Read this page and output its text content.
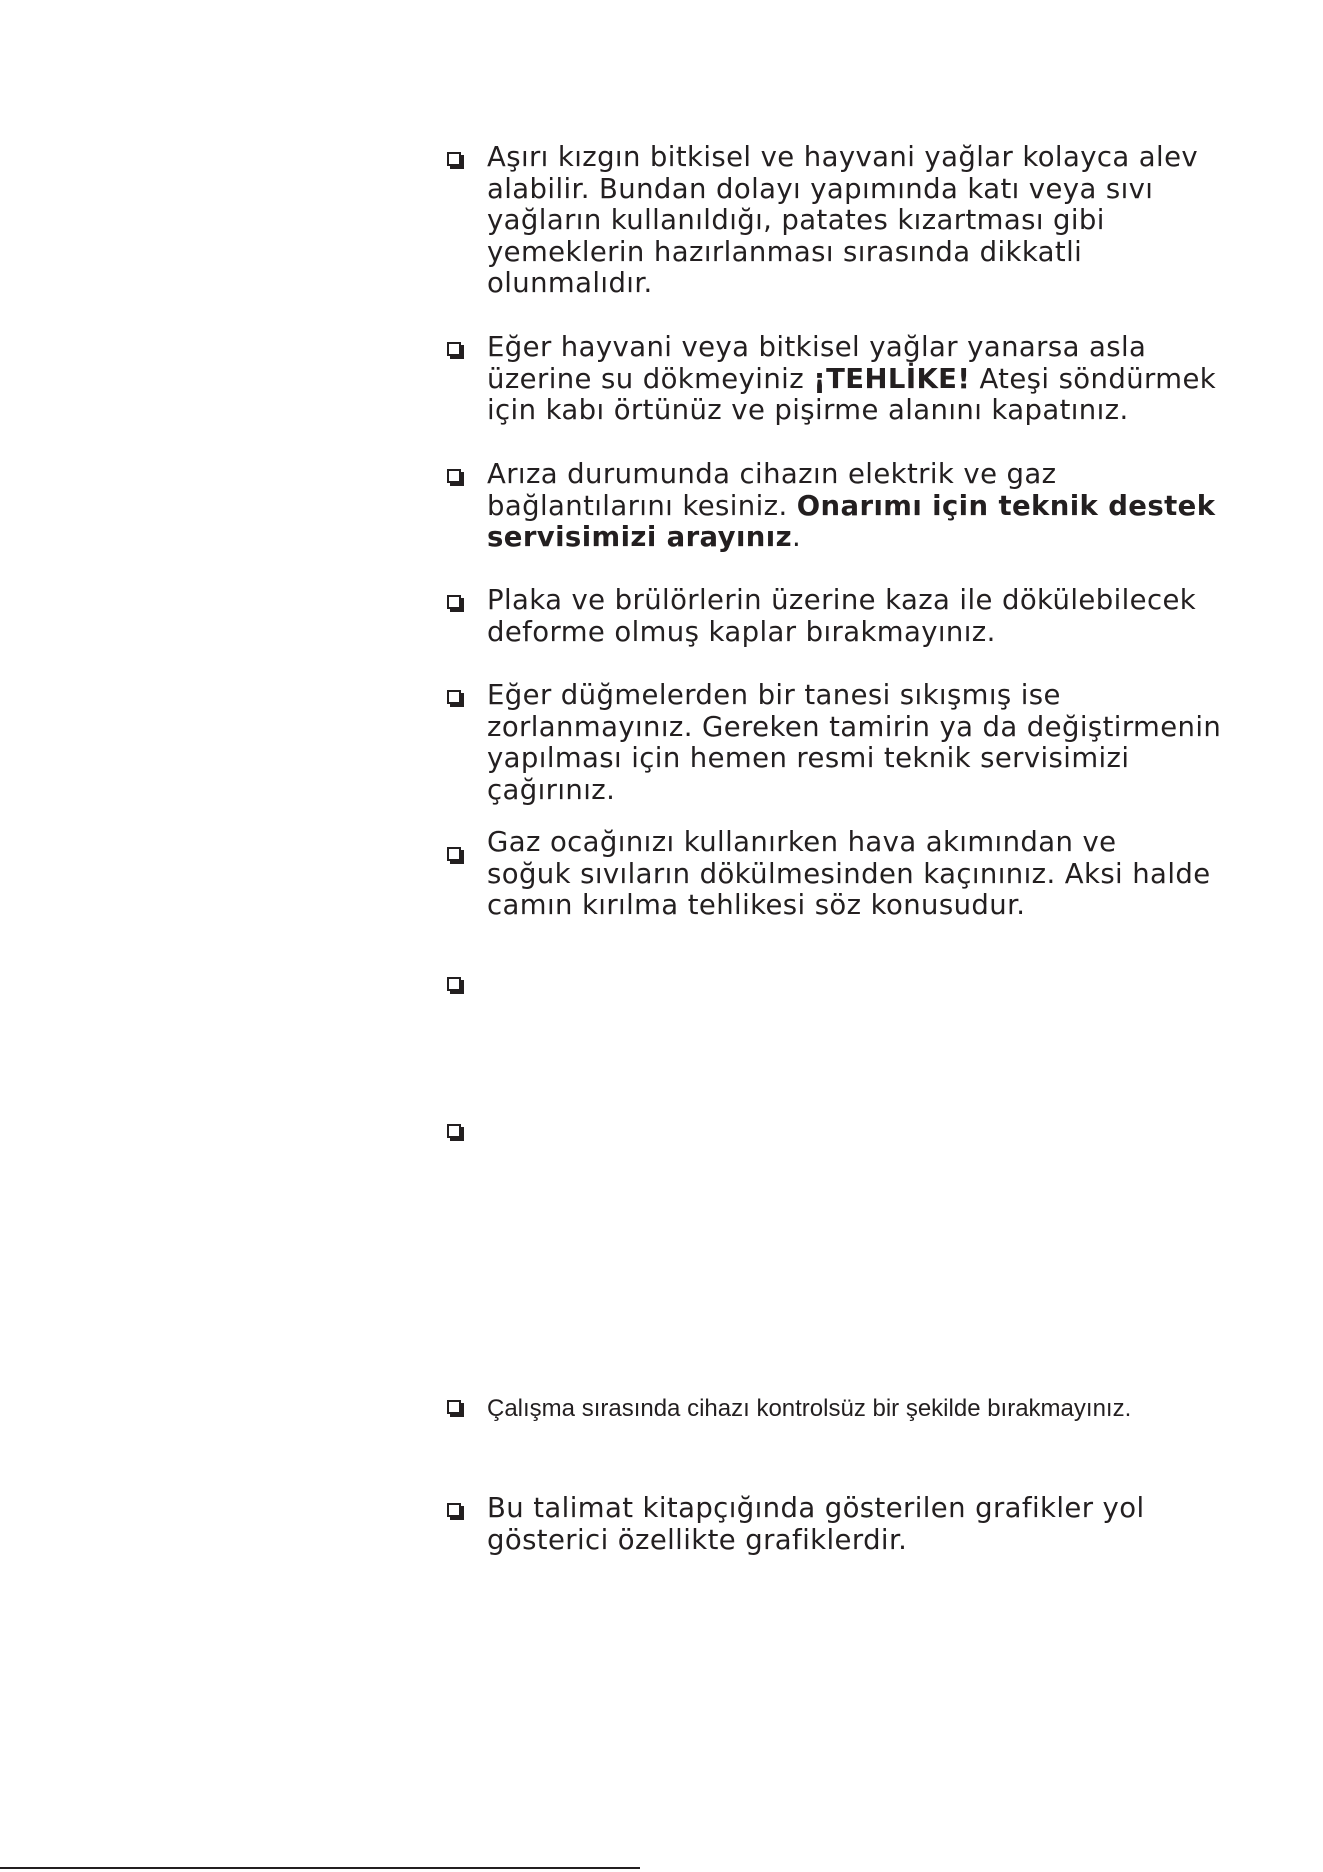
Aşırı kızgın bitkisel ve hayvani yağlar kolayca alev
alabilir. Bundan dolayı yapımında katı veya sıvı
yağların kullanıldığı, patates kızartması gibi
yemeklerin hazırlanması sırasında dikkatli
olunmalıdır.
Eğer hayvani veya bitkisel yağlar yanarsa asla
üzerine su dökmeyiniz ¡TEHLİKE! Ateşi söndürmek
için kabı örtünüz ve pişirme alanını kapatınız.
Arıza durumunda cihazın elektrik ve gaz
bağlantılarını kesiniz. Onarımı için teknik destek
servisimizi arayınız.
Plaka ve brülörlerin üzerine kaza ile dökülebilecek
deforme olmuş kaplar bırakmayınız.
Eğer düğmelerden bir tanesi sıkışmış ise
zorlanmayınız. Gereken tamirin ya da değiştirmenin
yapılması için hemen resmi teknik servisimizi
çağırınız.
Gaz ocağınızı kullanırken hava akımından ve
soğuk sıvıların dökülmesinden kaçınınız. Aksi halde
camın kırılma tehlikesi söz konusudur.
Çalışma sırasında cihazı kontrolsüz bir şekilde bırakmayınız.
Bu talimat kitapçığında gösterilen grafikler yol
gösterici özellikte grafiklerdir.
